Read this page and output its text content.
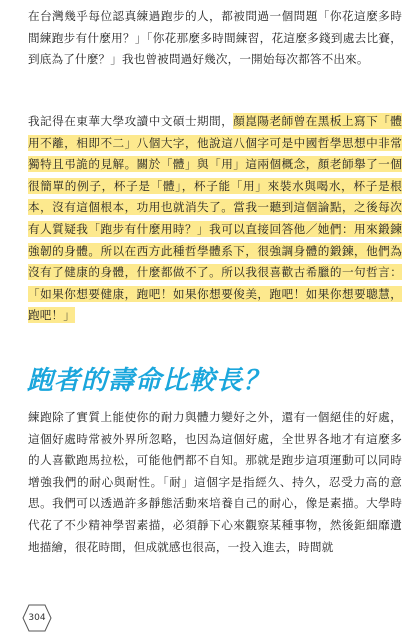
在台灣幾乎每位認真練過跑步的人，都被問過一個問題「你花這麼多時間練跑步有什麼用？」「你花那麼多時間練習，花這麼多錢到處去比賽，到底為了什麼？」我也曾被問過好幾次，一開始每次都答不出來。

我記得在東華大學攻讀中文碩士期間，顏崑陽老師曾在黑板上寫下「體用不離，相即不二」八個大字，他說這八個字可是中國哲學思想中非常獨特且弔詭的見解。關於「體」與「用」這兩個概念，顏老師舉了一個很簡單的例子，杯子是「體」，杯子能「用」來裝水與喝水，杯子是根本，沒有這個根本，功用也就消失了。當我一聽到這個論點，之後每次有人質疑我「跑步有什麼用時？」我可以直接回答他／她們：用來鍛鍊強韌的身體。所以在西方此種哲學體系下，很強調身體的鍛鍊，他們為沒有了健康的身體，什麼都做不了。所以我很喜歡古希臘的一句哲言：「如果你想要健康，跑吧！如果你想要俊美，跑吧！如果你想要聰慧，跑吧！」

跑者的壽命比較長？

練跑除了實質上能使你的耐力與體力變好之外，還有一個絕佳的好處，這個好處時常被外界所忽略，也因為這個好處，全世界各地才有這麼多的人喜歡跑馬拉松，可能他們都不自知。那就是跑步這項運動可以同時增強我們的耐心與耐性。「耐」這個字是指經久、持久，忍受力高的意思。我們可以透過許多靜態活動來培養自己的耐心，像是素描。大學時代花了不少精神學習素描，必須靜下心來觀察某種事物，然後鉅細靡遺地描繪，很花時間，但成就感也很高，一投入進去，時間就

304
